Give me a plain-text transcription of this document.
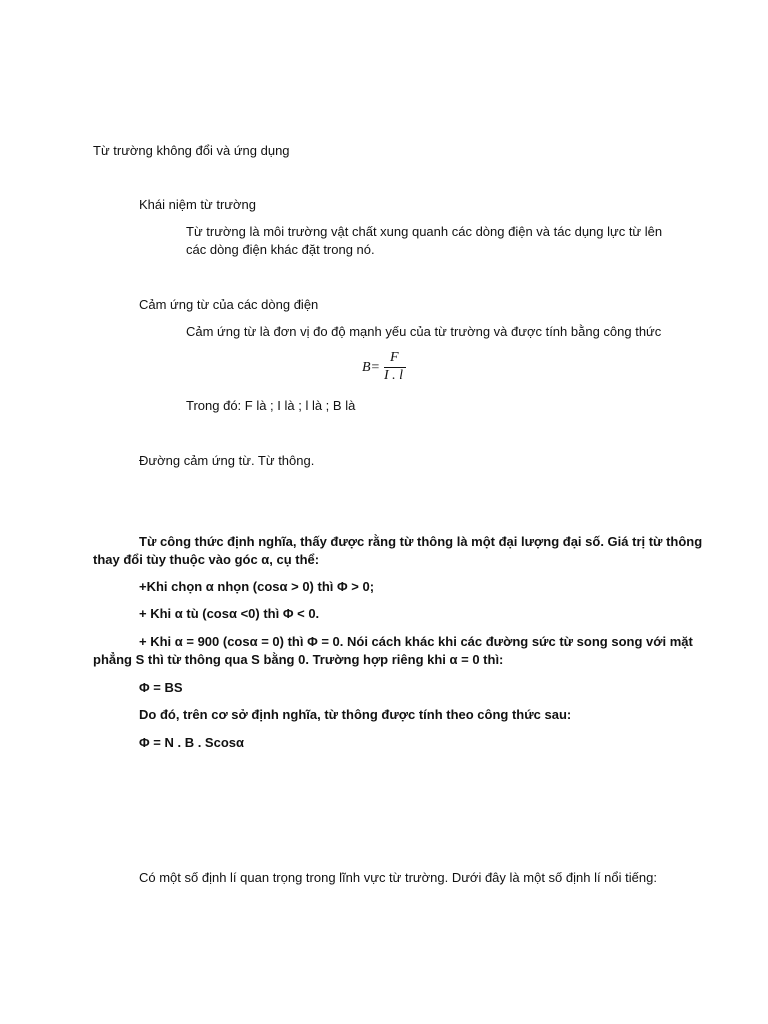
Từ trường không đổi và ứng dụng
Khái niệm từ trường
Từ trường là môi trường vật chất xung quanh các dòng điện và tác dụng lực từ lên
các dòng điện khác đặt trong nó.
Cảm ứng từ của các dòng điện
Cảm ứng từ là đơn vị đo độ mạnh yếu của từ trường và được tính bằng công thức
B=
F
I . l
Trong đó: F là ; I là ; l là ; B là
Đường cảm ứng từ. Từ thông.
Từ công thức định nghĩa, thấy được rằng từ thông là một đại lượng đại số. Giá trị từ thông
thay đổi tùy thuộc vào góc α, cụ thể:
+Khi chọn α nhọn (cosα > 0) thì Φ > 0;
+ Khi α tù (cosα <0) thì Φ < 0.
+ Khi α = 900 (cosα = 0) thì Φ = 0. Nói cách khác khi các đường sức từ song song với mặt
phẳng S thì từ thông qua S bằng 0. Trường hợp riêng khi α = 0 thì:
Φ = BS
Do đó, trên cơ sở định nghĩa, từ thông được tính theo công thức sau:
Φ = N . B . Scosα
Có một số định lí quan trọng trong lĩnh vực từ trường. Dưới đây là một số định lí nổi tiếng:
